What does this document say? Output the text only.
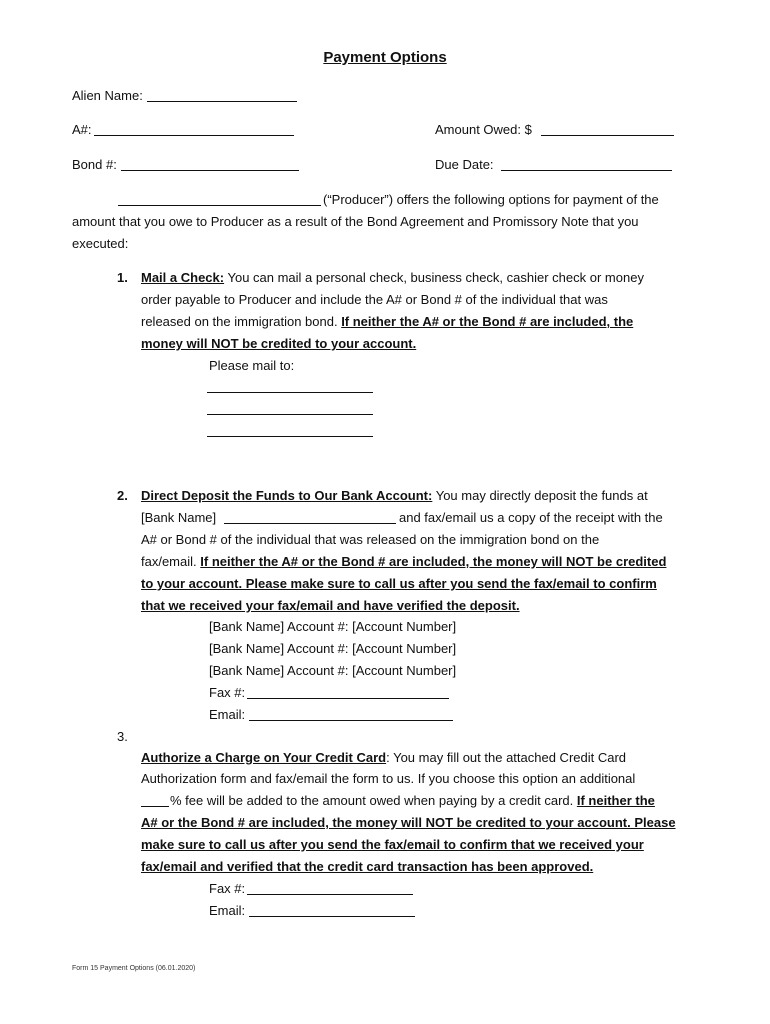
Payment Options
Alien Name:
A#:	Amount Owed: $
Bond #:	Due Date:
(“Producer”) offers the following options for payment of the
amount that you owe to Producer as a result of the Bond Agreement and Promissory Note that you
executed:
1. Mail a Check: You can mail a personal check, business check, cashier check or money
order payable to Producer and include the A# or Bond # of the individual that was
released on the immigration bond. If neither the A# or the Bond # are included, the
money will NOT be credited to your account.
Please mail to:
2. Direct Deposit the Funds to Our Bank Account: You may directly deposit the funds at
[Bank Name]	and fax/email us a copy of the receipt with the
A# or Bond # of the individual that was released on the immigration bond on the
fax/email. If neither the A# or the Bond # are included, the money will NOT be credited
to your account. Please make sure to call us after you send the fax/email to confirm
that we received your fax/email and have verified the deposit.
[Bank Name] Account #: [Account Number]
[Bank Name] Account #: [Account Number]
[Bank Name] Account #: [Account Number]
Fax #:
Email:
3.
Authorize a Charge on Your Credit Card: You may fill out the attached Credit Card
Authorization form and fax/email the form to us. If you choose this option an additional
% fee will be added to the amount owed when paying by a credit card. If neither the
A# or the Bond # are included, the money will NOT be credited to your account. Please
make sure to call us after you send the fax/email to confirm that we received your
fax/email and verified that the credit card transaction has been approved.
Fax #:
Email:
Form 15 Payment Options (06.01.2020)
